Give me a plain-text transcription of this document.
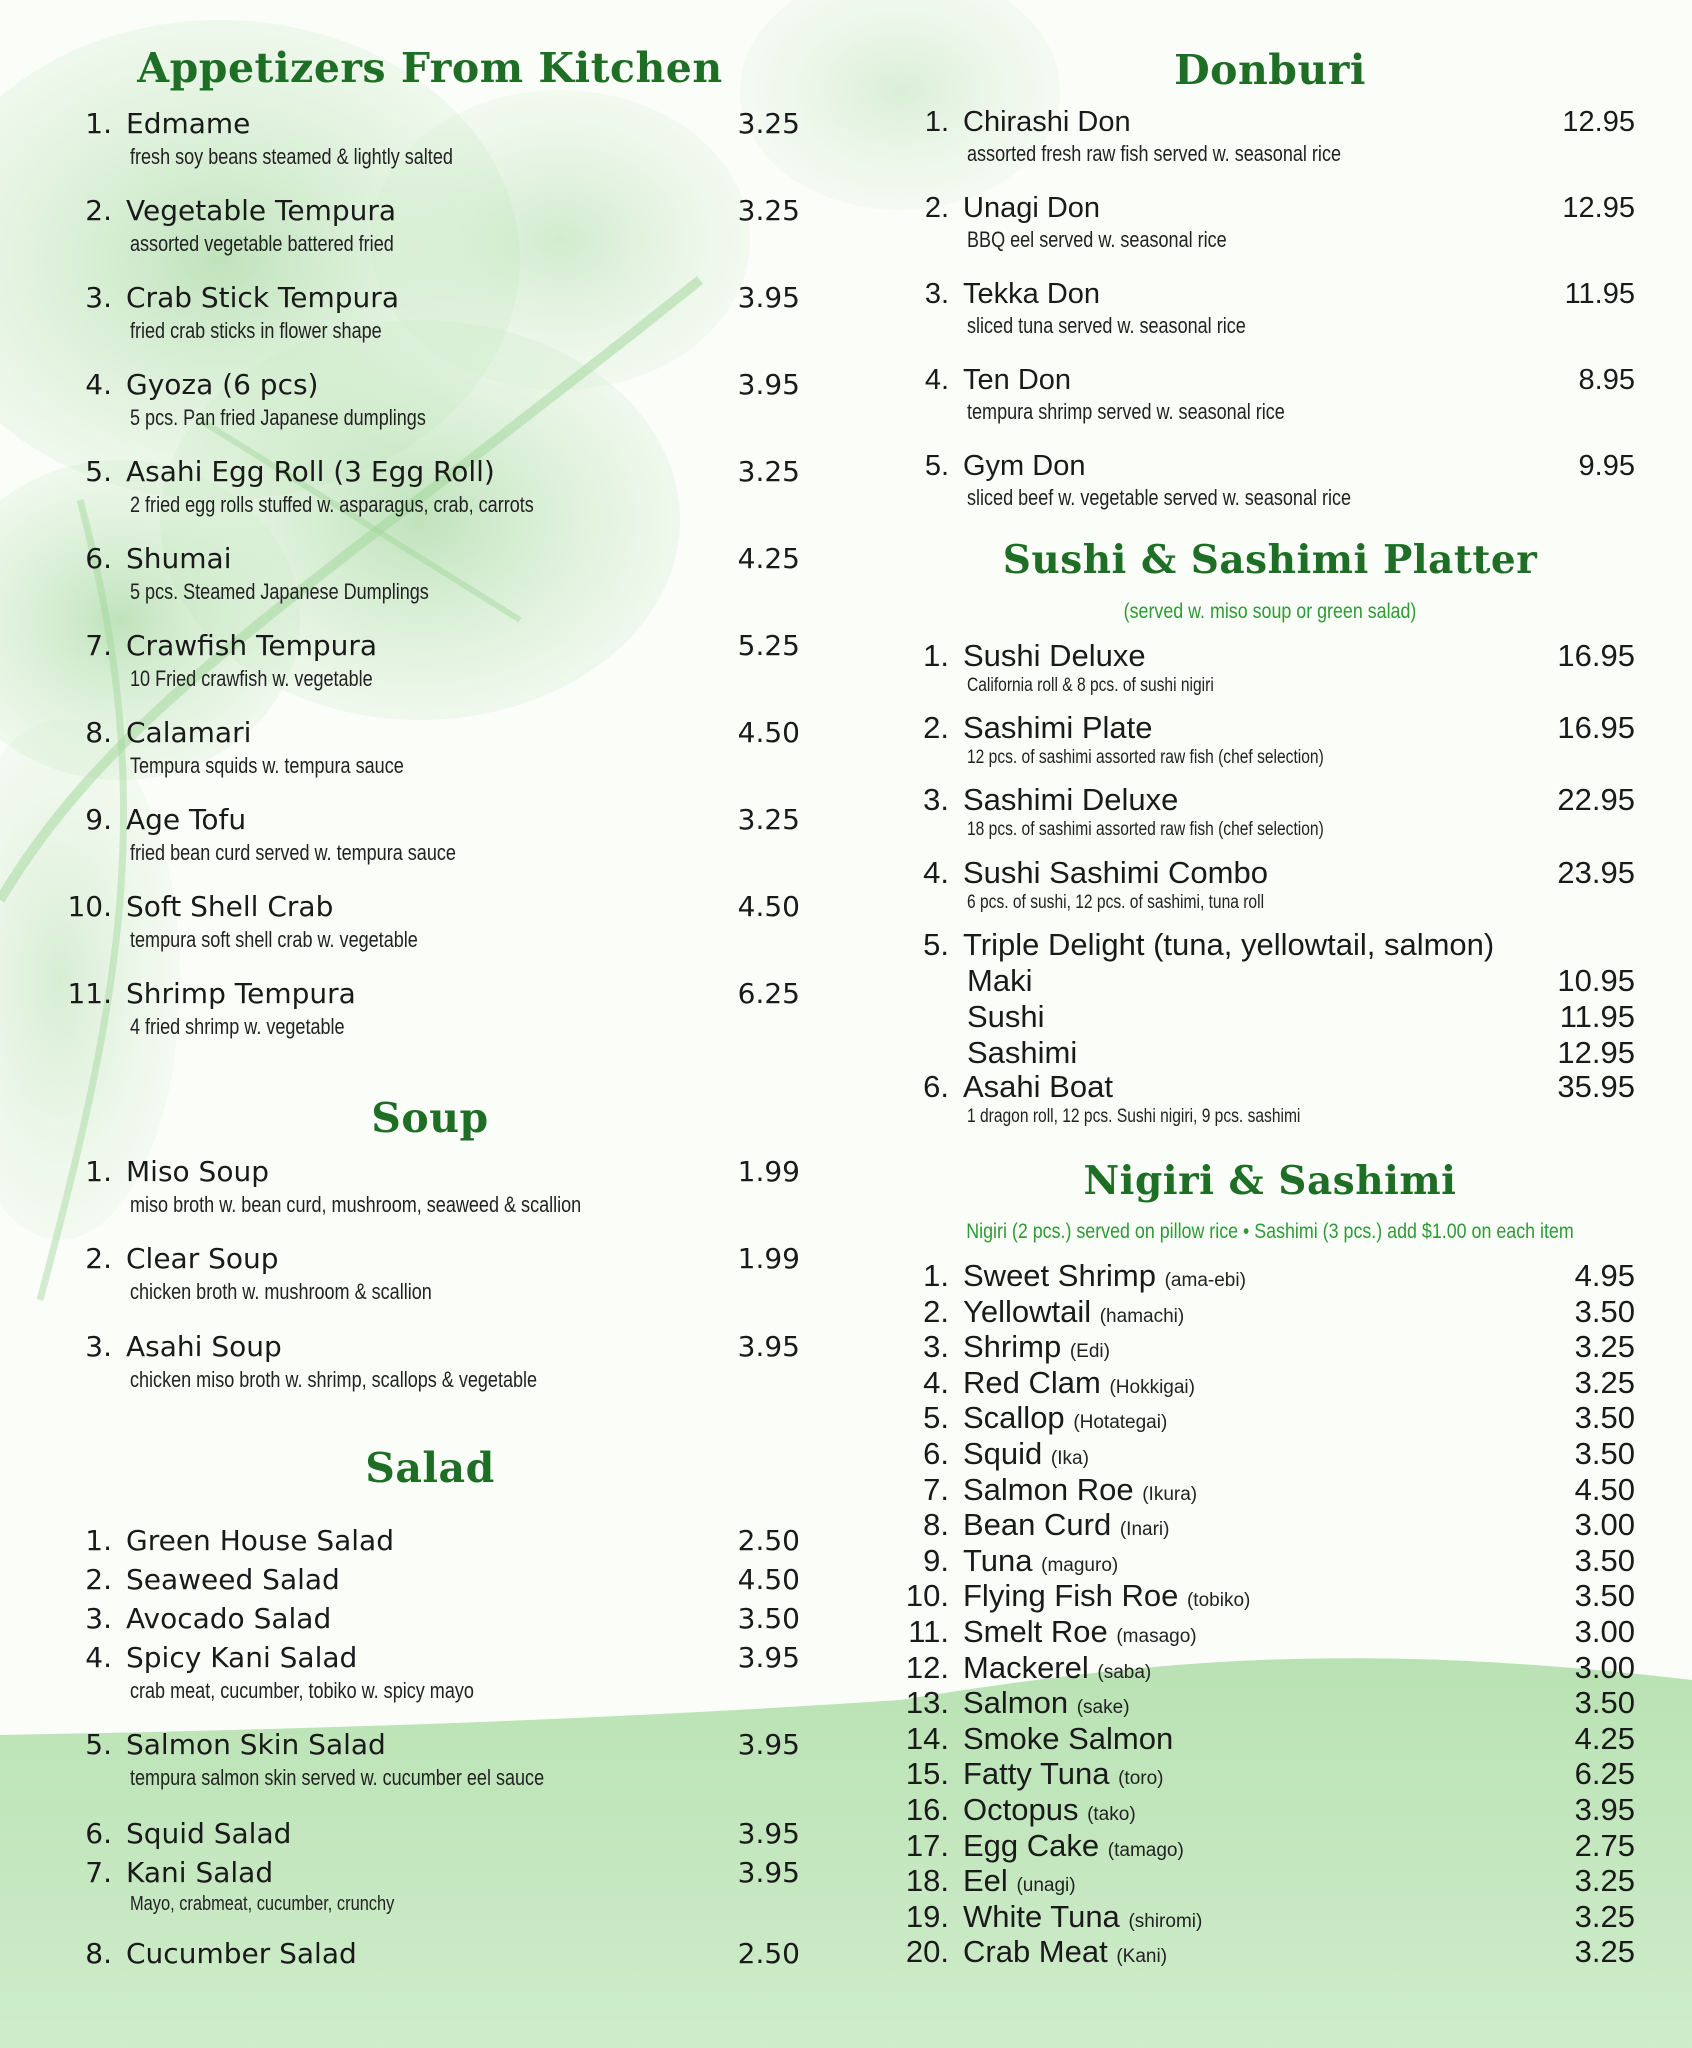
Appetizers From Kitchen
1. Edmame	3.25
fresh soy beans steamed & lightly salted
2. Vegetable Tempura	3.25
assorted vegetable battered fried
3. Crab Stick Tempura	3.95
fried crab sticks in flower shape
4. Gyoza (6 pcs)	3.95
5 pcs. Pan fried Japanese dumplings
5. Asahi Egg Roll (3 Egg Roll)	3.25
2 fried egg rolls stuffed w. asparagus, crab, carrots
6. Shumai	4.25
5 pcs. Steamed Japanese Dumplings
7. Crawfish Tempura	5.25
10 Fried crawfish w. vegetable
8. Calamari	4.50
Tempura squids w. tempura sauce
9. Age Tofu	3.25
fried bean curd served w. tempura sauce
10. Soft Shell Crab	4.50
tempura soft shell crab w. vegetable
11. Shrimp Tempura	6.25
4 fried shrimp w. vegetable
Soup
1. Miso Soup	1.99
miso broth w. bean curd, mushroom, seaweed & scallion
2. Clear Soup	1.99
chicken broth w. mushroom & scallion
3. Asahi Soup	3.95
chicken miso broth w. shrimp, scallops & vegetable
Salad
1. Green House Salad	2.50
2. Seaweed Salad	4.50
3. Avocado Salad	3.50
4. Spicy Kani Salad	3.95
crab meat, cucumber, tobiko w. spicy mayo
5. Salmon Skin Salad	3.95
tempura salmon skin served w. cucumber eel sauce
6. Squid Salad	3.95
7. Kani Salad	3.95
Mayo, crabmeat, cucumber, crunchy
8. Cucumber Salad	2.50
Donburi
1. Chirashi Don	12.95
assorted fresh raw fish served w. seasonal rice
2. Unagi Don	12.95
BBQ eel served w. seasonal rice
3. Tekka Don	11.95
sliced tuna served w. seasonal rice
4. Ten Don	8.95
tempura shrimp served w. seasonal rice
5. Gym Don	9.95
sliced beef w. vegetable served w. seasonal rice
Sushi & Sashimi Platter
(served w. miso soup or green salad)
1. Sushi Deluxe	16.95
California roll & 8 pcs. of sushi nigiri
2. Sashimi Plate	16.95
12 pcs. of sashimi assorted raw fish (chef selection)
3. Sashimi Deluxe	22.95
18 pcs. of sashimi assorted raw fish (chef selection)
4. Sushi Sashimi Combo	23.95
6 pcs. of sushi, 12 pcs. of sashimi, tuna roll
5. Triple Delight (tuna, yellowtail, salmon)
Maki	10.95
Sushi	11.95
Sashimi	12.95
6. Asahi Boat	35.95
1 dragon roll, 12 pcs. Sushi nigiri, 9 pcs. sashimi
Nigiri & Sashimi
Nigiri (2 pcs.) served on pillow rice • Sashimi (3 pcs.) add $1.00 on each item
1. Sweet Shrimp (ama-ebi)	4.95
2. Yellowtail (hamachi)	3.50
3. Shrimp (Edi)	3.25
4. Red Clam (Hokkigai)	3.25
5. Scallop (Hotategai)	3.50
6. Squid (Ika)	3.50
7. Salmon Roe (Ikura)	4.50
8. Bean Curd (Inari)	3.00
9. Tuna (maguro)	3.50
10. Flying Fish Roe (tobiko)	3.50
11. Smelt Roe (masago)	3.00
12. Mackerel (saba)	3.00
13. Salmon (sake)	3.50
14. Smoke Salmon	4.25
15. Fatty Tuna (toro)	6.25
16. Octopus (tako)	3.95
17. Egg Cake (tamago)	2.75
18. Eel (unagi)	3.25
19. White Tuna (shiromi)	3.25
20. Crab Meat (Kani)	3.25
